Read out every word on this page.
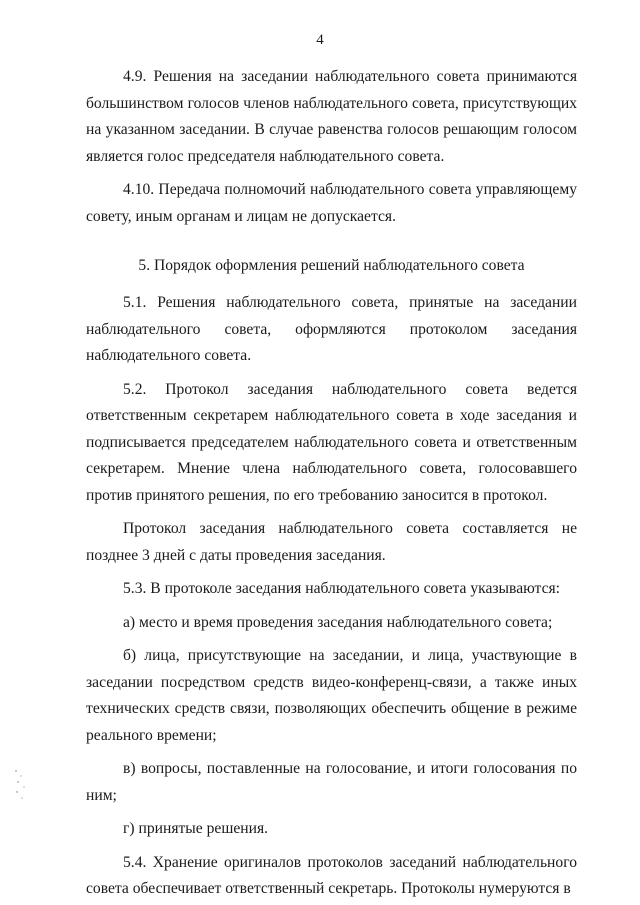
4

4.9. Решения на заседании наблюдательного совета принимаются большинством голосов членов наблюдательного совета, присутствующих на указанном заседании. В случае равенства голосов решающим голосом является голос председателя наблюдательного совета.

4.10. Передача полномочий наблюдательного совета управляющему совету, иным органам и лицам не допускается.

5. Порядок оформления решений наблюдательного совета

5.1. Решения наблюдательного совета, принятые на заседании наблюдательного совета, оформляются протоколом заседания наблюдательного совета.

5.2. Протокол заседания наблюдательного совета ведется ответственным секретарем наблюдательного совета в ходе заседания и подписывается председателем наблюдательного совета и ответственным секретарем. Мнение члена наблюдательного совета, голосовавшего против принятого решения, по его требованию заносится в протокол.

Протокол заседания наблюдательного совета составляется не позднее 3 дней с даты проведения заседания.

5.3. В протоколе заседания наблюдательного совета указываются:

а) место и время проведения заседания наблюдательного совета;

б) лица, присутствующие на заседании, и лица, участвующие в заседании посредством средств видео-конференц-связи, а также иных технических средств связи, позволяющих обеспечить общение в режиме реального времени;

в) вопросы, поставленные на голосование, и итоги голосования по ним;

г) принятые решения.

5.4. Хранение оригиналов протоколов заседаний наблюдательного совета обеспечивает ответственный секретарь. Протоколы нумеруются в
